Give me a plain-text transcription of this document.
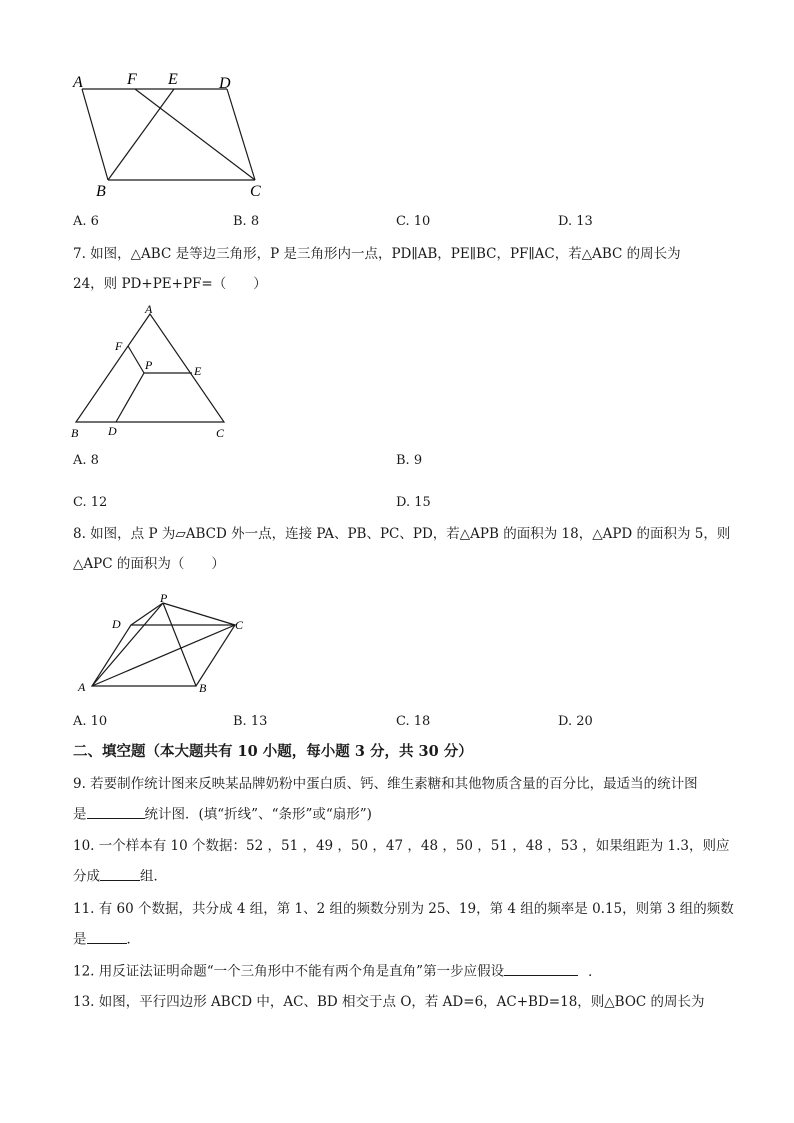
A	F E	D
B	C
A. 6	B. 8	C. 10	D. 13
7. 如图，△ABC 是等边三角形，P 是三角形内一点，PD∥AB，PE∥BC，PF∥AC，若△ABC 的周长为
24，则 PD+PE+PF=（　　）
A
F
P	E
B D	C
A. 8	B. 9
C. 12	D. 15
8. 如图，点 P 为▱ABCD 外一点，连接 PA、PB、PC、PD，若△APB 的面积为 18，△APD 的面积为 5，则
△APC 的面积为（　　）
P
D	C
A	B
A. 10	B. 13	C. 18	D. 20
二、填空题（本大题共有 10 小题，每小题 3 分，共 30 分）
9. 若要制作统计图来反映某品牌奶粉中蛋白质、钙、维生素糖和其他物质含量的百分比，最适当的统计图
是	统计图．(填“折线”、“条形”或“扇形”)
10. 一个样本有 10 个数据：52 ，51 ，49 ，50 ，47 ，48 ，50 ，51 ，48 ，53 ，如果组距为 1.3，则应
分成	组．
11. 有 60 个数据，共分成 4 组，第 1、2 组的频数分别为 25、19，第 4 组的频率是 0.15，则第 3 组的频数
是	．
12. 用反证法证明命题“一个三角形中不能有两个角是直角”第一步应假设	．
13. 如图，平行四边形 ABCD 中，AC、BD 相交于点 O，若 AD=6，AC+BD=18，则△BOC 的周长为
